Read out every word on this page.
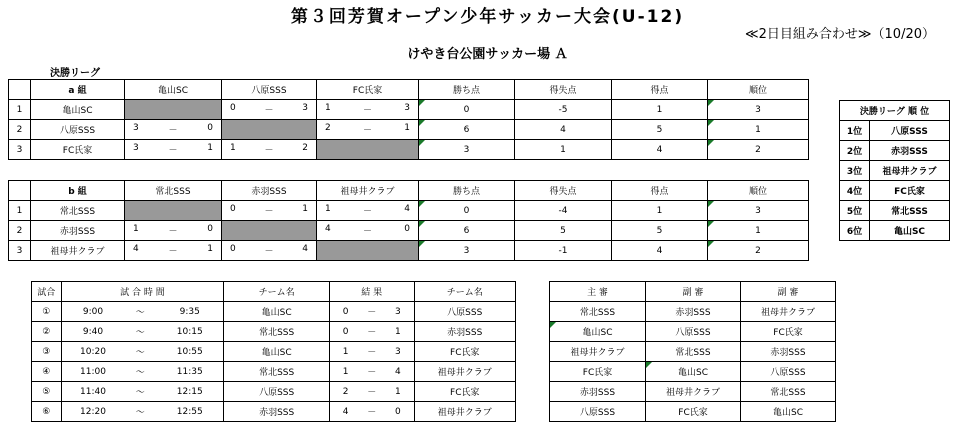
第３回芳賀オープン少年サッカー大会(U-12)
≪2日目組み合わせ≫（10/20）
けやき台公園サッカー場 Ａ
決勝リーグ
	a 組	亀山SC	八原SSS	FC氏家	勝ち点	得失点	得点	順位
1	亀山SC		0 － 3	1 － 3	0	-5	1	3
2	八原SSS	3 － 0		2 － 1	6	4	5	1
3	FC氏家	3 － 1	1 － 2		3	1	4	2
	b 組	常北SSS	赤羽SSS	祖母井クラブ	勝ち点	得失点	得点	順位
1	常北SSS		0 － 1	1 － 4	0	-4	1	3
2	赤羽SSS	1 － 0		4 － 0	6	5	5	1
3	祖母井クラブ	4 － 1	0 － 4		3	-1	4	2
決勝リーグ 順 位	
1位	八原SSS
2位	赤羽SSS
3位	祖母井クラブ
4位	FC氏家
5位	常北SSS
6位	亀山SC
試合	試 合 時 間			チーム名	結 果			チーム名
①	9:00	～	9:35	亀山SC	0	－	3	八原SSS
②	9:40	～	10:15	常北SSS	0	－	1	赤羽SSS
③	10:20	～	10:55	亀山SC	1	－	3	FC氏家
④	11:00	～	11:35	常北SSS	1	－	4	祖母井クラブ
⑤	11:40	～	12:15	八原SSS	2	－	1	FC氏家
⑥	12:20	～	12:55	赤羽SSS	4	－	0	祖母井クラブ
主 審	副 審	副 審
常北SSS	赤羽SSS	祖母井クラブ
亀山SC	八原SSS	FC氏家
祖母井クラブ	常北SSS	赤羽SSS
FC氏家	亀山SC	八原SSS
赤羽SSS	祖母井クラブ	常北SSS
八原SSS	FC氏家	亀山SC
